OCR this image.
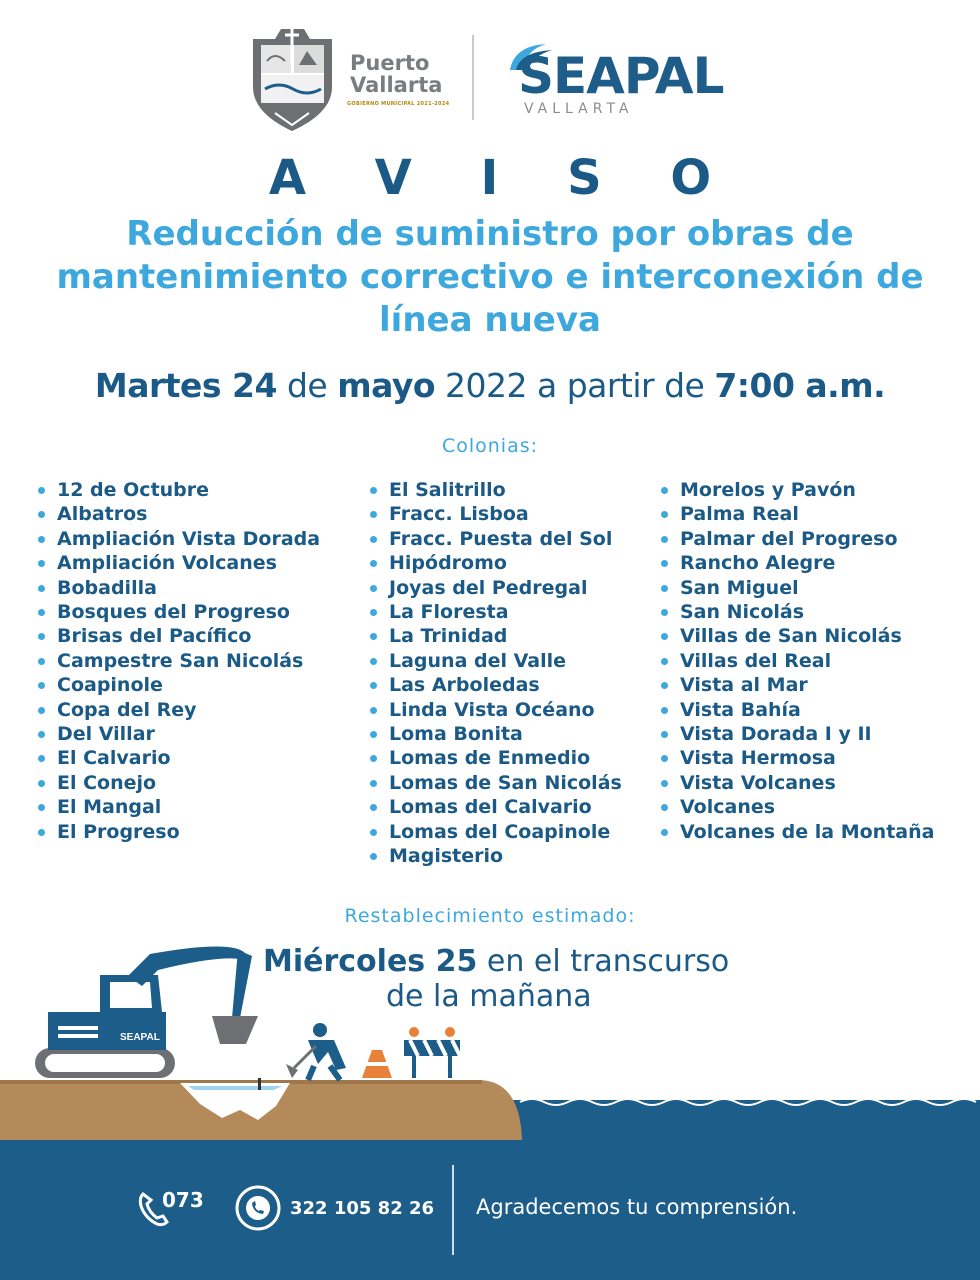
Puerto
Vallarta
GOBIERNO MUNICIPAL 2021-2024 SEAPAL
VALLARTA
A V I S O
Reducción de suministro por obras de mantenimiento correctivo e interconexión de línea nueva
Martes 24 de mayo 2022 a partir de 7:00 a.m.
Colonias:
12 de Octubre
Albatros
Ampliación Vista Dorada
Ampliación Volcanes
Bobadilla
Bosques del Progreso
Brisas del Pacífico
Campestre San Nicolás
Coapinole
Copa del Rey
Del Villar
El Calvario
El Conejo
El Mangal
El Progreso
El Salitrillo
Fracc. Lisboa
Fracc. Puesta del Sol
Hipódromo
Joyas del Pedregal
La Floresta
La Trinidad
Laguna del Valle
Las Arboledas
Linda Vista Océano
Loma Bonita
Lomas de Enmedio
Lomas de San Nicolás
Lomas del Calvario
Lomas del Coapinole
Magisterio
Morelos y Pavón
Palma Real
Palmar del Progreso
Rancho Alegre
San Miguel
San Nicolás
Villas de San Nicolás
Villas del Real
Vista al Mar
Vista Bahía
Vista Dorada I y II
Vista Hermosa
Vista Volcanes
Volcanes
Volcanes de la Montaña
SEAPAL
Restablecimiento estimado:
Miércoles 25 en el transcurso
de la mañana
073	322 105 82 26 Agradecemos tu comprensión.
